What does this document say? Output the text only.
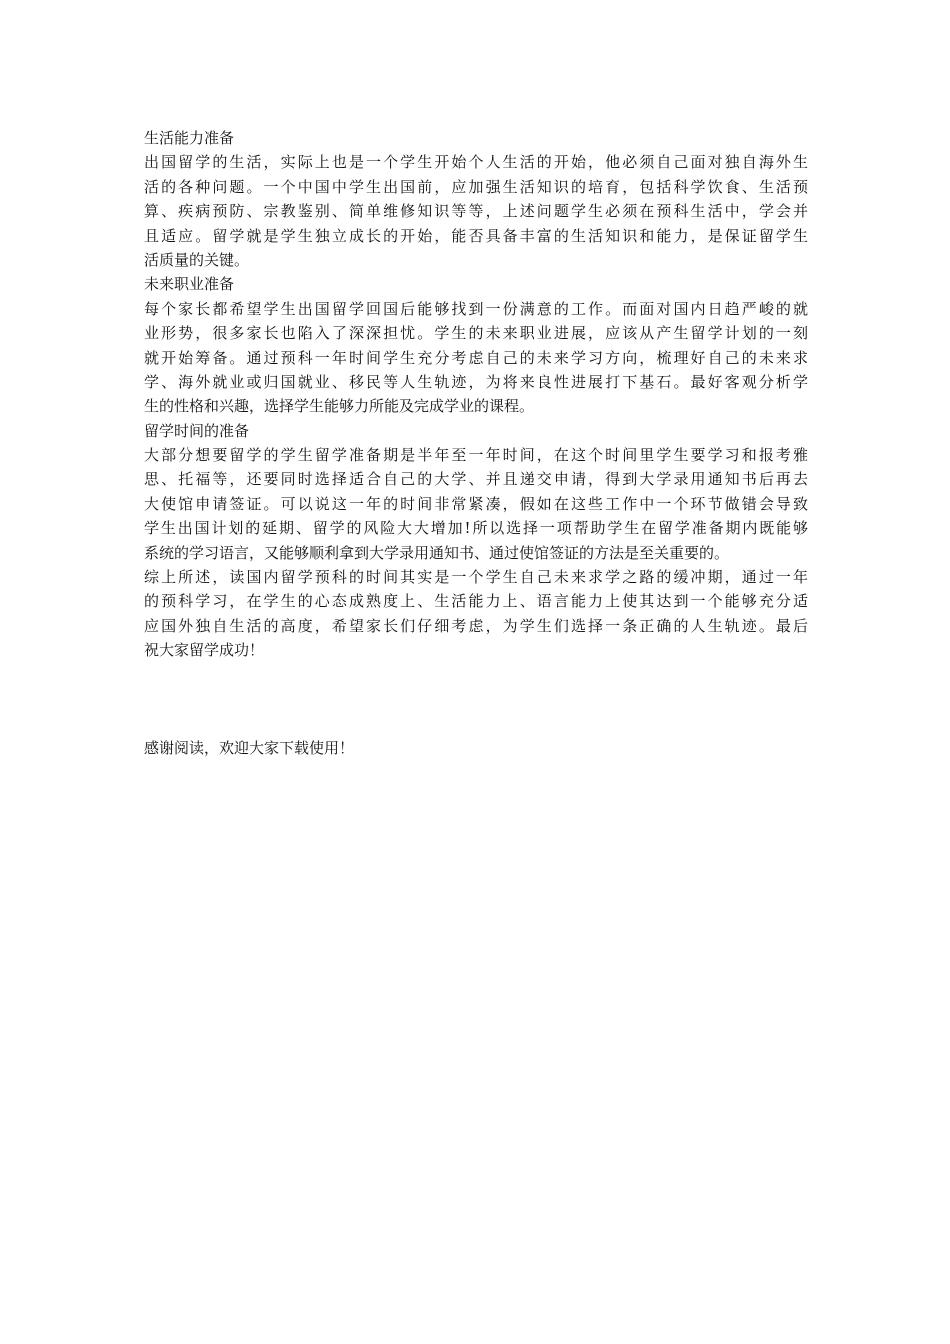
生活能力准备
出国留学的生活，实际上也是一个学生开始个人生活的开始，他必须自己面对独自海外生
活的各种问题。一个中国中学生出国前，应加强生活知识的培育，包括科学饮食、生活预
算、疾病预防、宗教鉴别、简单维修知识等等，上述问题学生必须在预科生活中，学会并
且适应。留学就是学生独立成长的开始，能否具备丰富的生活知识和能力，是保证留学生
活质量的关键。
未来职业准备
每个家长都希望学生出国留学回国后能够找到一份满意的工作。而面对国内日趋严峻的就
业形势，很多家长也陷入了深深担忧。学生的未来职业进展，应该从产生留学计划的一刻
就开始筹备。通过预科一年时间学生充分考虑自己的未来学习方向，梳理好自己的未来求
学、海外就业或归国就业、移民等人生轨迹，为将来良性进展打下基石。最好客观分析学
生的性格和兴趣，选择学生能够力所能及完成学业的课程。
留学时间的准备
大部分想要留学的学生留学准备期是半年至一年时间，在这个时间里学生要学习和报考雅
思、托福等，还要同时选择适合自己的大学、并且递交申请，得到大学录用通知书后再去
大使馆申请签证。可以说这一年的时间非常紧凑，假如在这些工作中一个环节做错会导致
学生出国计划的延期、留学的风险大大增加!所以选择一项帮助学生在留学准备期内既能够
系统的学习语言，又能够顺利拿到大学录用通知书、通过使馆签证的方法是至关重要的。
综上所述，读国内留学预科的时间其实是一个学生自己未来求学之路的缓冲期，通过一年
的预科学习，在学生的心态成熟度上、生活能力上、语言能力上使其达到一个能够充分适
应国外独自生活的高度，希望家长们仔细考虑，为学生们选择一条正确的人生轨迹。最后
祝大家留学成功！
感谢阅读，欢迎大家下载使用！
